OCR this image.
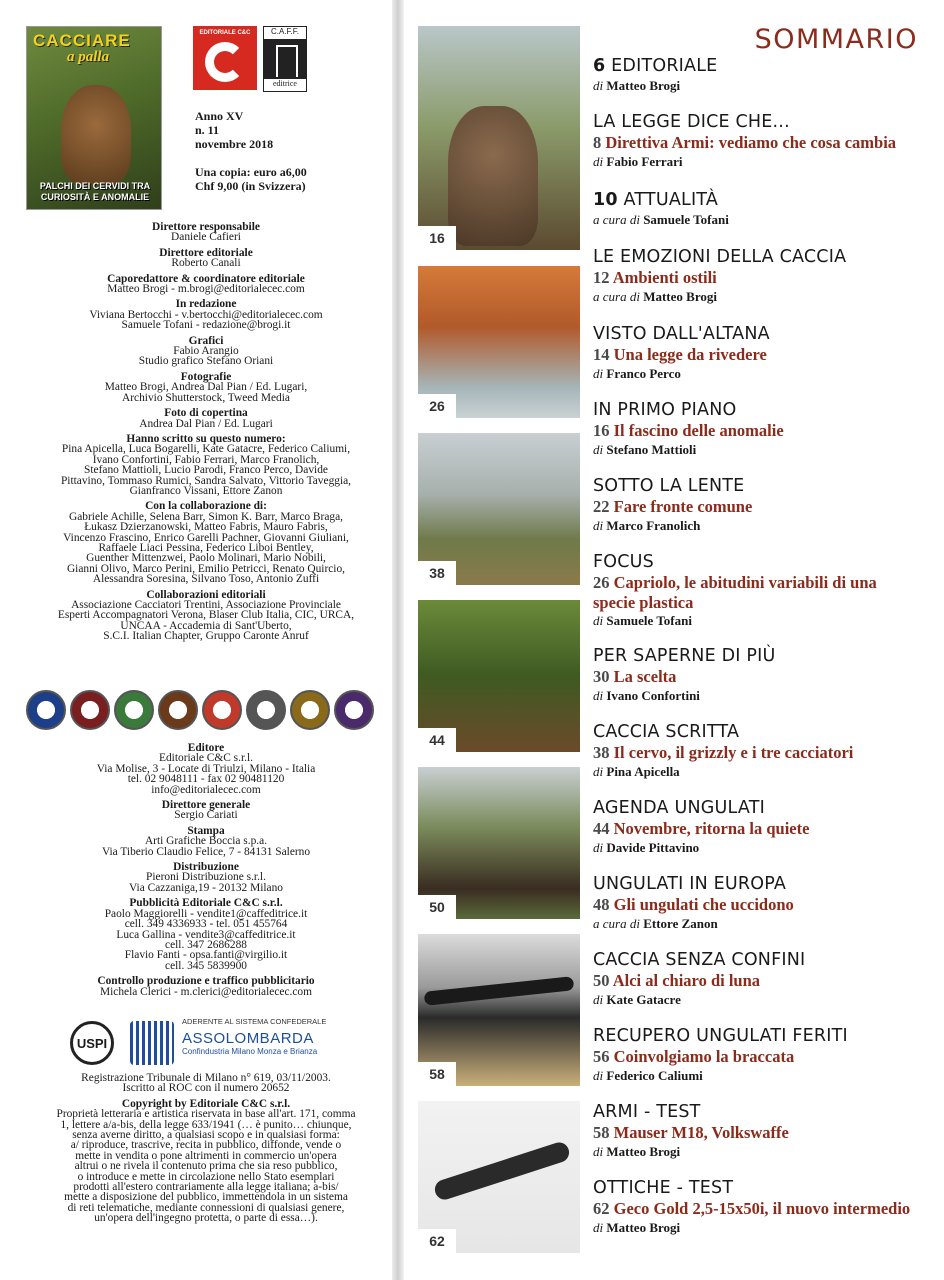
CACCIARE
a palla
PALCHI DEI CERVIDI TRA CURIOSITÀ E ANOMALIE
EDITORIALE C&C	C.A.F.F.
editrice
Anno XV
n. 11
novembre 2018
Una copia: euro a6,00
Chf 9,00 (in Svizzera)
Direttore responsabile
Daniele Cafieri
Direttore editoriale
Roberto Canali
Caporedattore & coordinatore editoriale
Matteo Brogi - m.brogi@editorialecec.com
In redazione
Viviana Bertocchi - v.bertocchi@editorialecec.com
Samuele Tofani - redazione@brogi.it
Grafici
Fabio Arangio
Studio grafico Stefano Oriani
Fotografie
Matteo Brogi, Andrea Dal Pian / Ed. Lugari,
Archivio Shutterstock, Tweed Media
Foto di copertina
Andrea Dal Pian / Ed. Lugari
Hanno scritto su questo numero:
Pina Apicella, Luca Bogarelli, Kate Gatacre, Federico Caliumi,
Ivano Confortini, Fabio Ferrari, Marco Franolich,
Stefano Mattioli, Lucio Parodi, Franco Perco, Davide
Pittavino, Tommaso Rumici, Sandra Salvato, Vittorio Taveggia,
Gianfranco Vissani, Ettore Zanon
Con la collaborazione di:
Gabriele Achille, Selena Barr, Simon K. Barr, Marco Braga,
Łukasz Dzierzanowski, Matteo Fabris, Mauro Fabris,
Vincenzo Frascino, Enrico Garelli Pachner, Giovanni Giuliani,
Raffaele Liaci Pessina, Federico Liboi Bentley,
Guenther Mittenzwei, Paolo Molinari, Mario Nobili,
Gianni Olivo, Marco Perini, Emilio Petricci, Renato Quircio,
Alessandra Soresina, Silvano Toso, Antonio Zuffi
Collaborazioni editoriali
Associazione Cacciatori Trentini, Associazione Provinciale
Esperti Accompagnatori Verona, Blaser Club Italia, CIC, URCA,
UNCAA - Accademia di Sant'Uberto,
S.C.I. Italian Chapter, Gruppo Caronte Anruf
Editore
Editoriale C&C s.r.l.
Via Molise, 3 - Locate di Triulzi, Milano - Italia
tel. 02 9048111 - fax 02 90481120
info@editorialecec.com
Direttore generale
Sergio Cariati
Stampa
Arti Grafiche Boccia s.p.a.
Via Tiberio Claudio Felice, 7 - 84131 Salerno
Distribuzione
Pieroni Distribuzione s.r.l.
Via Cazzaniga,19 - 20132 Milano
Pubblicità Editoriale C&C s.r.l.
Paolo Maggiorelli - vendite1@caffeditrice.it
cell. 349 4336933 - tel. 051 455764
Luca Gallina - vendite3@caffeditrice.it
cell. 347 2686288
Flavio Fanti - opsa.fanti@virgilio.it
cell. 345 5839900
Controllo produzione e traffico pubblicitario
Michela Clerici - m.clerici@editorialecec.com
USPI
ADERENTE AL SISTEMA CONFEDERALE
ASSOLOMBARDA
Confindustria Milano Monza e Brianza
Registrazione Tribunale di Milano n° 619, 03/11/2003.
Iscritto al ROC con il numero 20652
Copyright by Editoriale C&C s.r.l.
Proprietà letteraria e artistica riservata in base all'art. 171, comma
1, lettere a/a-bis, della legge 633/1941 (… è punito… chiunque,
senza averne diritto, a qualsiasi scopo e in qualsiasi forma:
a/ riproduce, trascrive, recita in pubblico, diffonde, vende o
mette in vendita o pone altrimenti in commercio un'opera
altrui o ne rivela il contenuto prima che sia reso pubblico,
o introduce e mette in circolazione nello Stato esemplari
prodotti all'estero contrariamente alla legge italiana; a-bis/
mette a disposizione del pubblico, immettendola in un sistema
di reti telematiche, mediante connessioni di qualsiasi genere,
un'opera dell'ingegno protetta, o parte di essa…).
SOMMARIO
16
26
38
44
50
58
62
6 EDITORIALE
di Matteo Brogi
LA LEGGE DICE CHE...
8 Direttiva Armi: vediamo che cosa cambia
di Fabio Ferrari
10 ATTUALITÀ
a cura di Samuele Tofani
LE EMOZIONI DELLA CACCIA
12 Ambienti ostili
a cura di Matteo Brogi
VISTO DALL'ALTANA
14 Una legge da rivedere
di Franco Perco
IN PRIMO PIANO
16 Il fascino delle anomalie
di Stefano Mattioli
SOTTO LA LENTE
22 Fare fronte comune
di Marco Franolich
FOCUS
26 Capriolo, le abitudini variabili di una specie plastica
di Samuele Tofani
PER SAPERNE DI PIÙ
30 La scelta
di Ivano Confortini
CACCIA SCRITTA
38 Il cervo, il grizzly e i tre cacciatori
di Pina Apicella
AGENDA UNGULATI
44 Novembre, ritorna la quiete
di Davide Pittavino
UNGULATI IN EUROPA
48 Gli ungulati che uccidono
a cura di Ettore Zanon
CACCIA SENZA CONFINI
50 Alci al chiaro di luna
di Kate Gatacre
RECUPERO UNGULATI FERITI
56 Coinvolgiamo la braccata
di Federico Caliumi
ARMI - TEST
58 Mauser M18, Volkswaffe
di Matteo Brogi
OTTICHE - TEST
62 Geco Gold 2,5-15x50i, il nuovo intermedio
di Matteo Brogi
